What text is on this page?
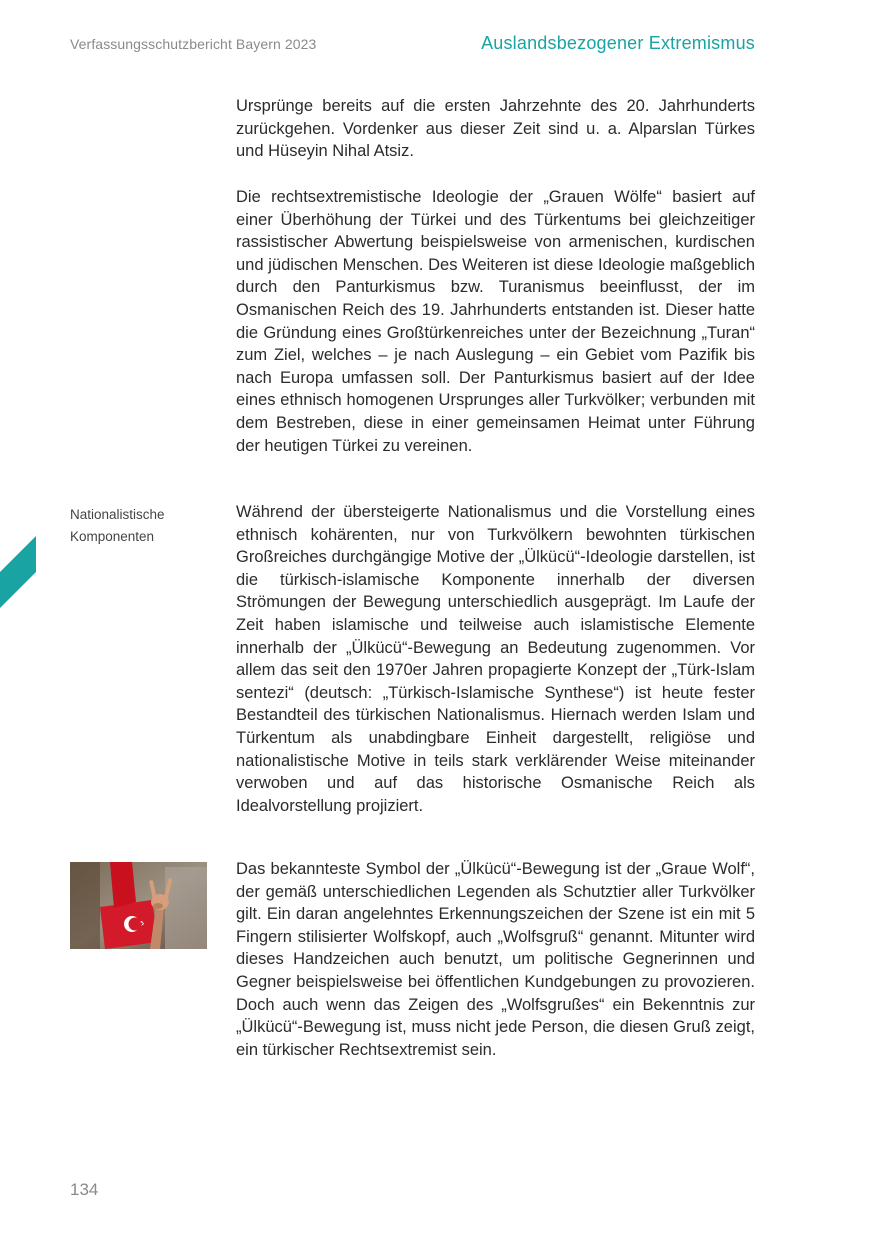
Verfassungsschutzbericht Bayern 2023	Auslandsbezogener Extremismus

Ursprünge bereits auf die ersten Jahrzehnte des 20. Jahrhunderts zurückgehen. Vordenker aus dieser Zeit sind u. a. Alparslan Türkes und Hüseyin Nihal Atsiz.

Die rechtsextremistische Ideologie der „Grauen Wölfe“ basiert auf einer Überhöhung der Türkei und des Türkentums bei gleichzeitiger rassistischer Abwertung beispielsweise von armenischen, kurdischen und jüdischen Menschen. Des Weiteren ist diese Ideologie maßgeblich durch den Panturkismus bzw. Turanismus beeinflusst, der im Osmanischen Reich des 19. Jahrhunderts entstanden ist. Dieser hatte die Gründung eines Großtürkenreiches unter der Bezeichnung „Turan“ zum Ziel, welches – je nach Auslegung – ein Gebiet vom Pazifik bis nach Europa umfassen soll. Der Panturkismus basiert auf der Idee eines ethnisch homogenen Ursprunges aller Turkvölker; verbunden mit dem Bestreben, diese in einer gemeinsamen Heimat unter Führung der heutigen Türkei zu vereinen.

Nationalistische
Komponenten

Während der übersteigerte Nationalismus und die Vorstellung eines ethnisch kohärenten, nur von Turkvölkern bewohnten türkischen Großreiches durchgängige Motive der „Ülkücü“-Ideologie darstellen, ist die türkisch-islamische Komponente innerhalb der diversen Strömungen der Bewegung unterschiedlich ausgeprägt. Im Laufe der Zeit haben islamische und teilweise auch islamistische Elemente innerhalb der „Ülkücü“-Bewegung an Bedeutung zugenommen. Vor allem das seit den 1970er Jahren propagierte Konzept der „Türk-Islam sentezi“ (deutsch: „Türkisch-Islamische Synthese“) ist heute fester Bestandteil des türkischen Nationalismus. Hiernach werden Islam und Türkentum als unabdingbare Einheit dargestellt, religiöse und nationalistische Motive in teils stark verklärender Weise miteinander verwoben und auf das historische Osmanische Reich als Idealvorstellung projiziert.

Das bekannteste Symbol der „Ülkücü“-Bewegung ist der „Graue Wolf“, der gemäß unterschiedlichen Legenden als Schutztier aller Turkvölker gilt. Ein daran angelehntes Erkennungszeichen der Szene ist ein mit 5 Fingern stilisierter Wolfskopf, auch „Wolfsgruß“ genannt. Mitunter wird dieses Handzeichen auch benutzt, um politische Gegnerinnen und Gegner beispielsweise bei öffentlichen Kundgebungen zu provozieren. Doch auch wenn das Zeigen des „Wolfsgrußes“ ein Bekenntnis zur „Ülkücü“-Bewegung ist, muss nicht jede Person, die diesen Gruß zeigt, ein türkischer Rechtsextremist sein.

134
